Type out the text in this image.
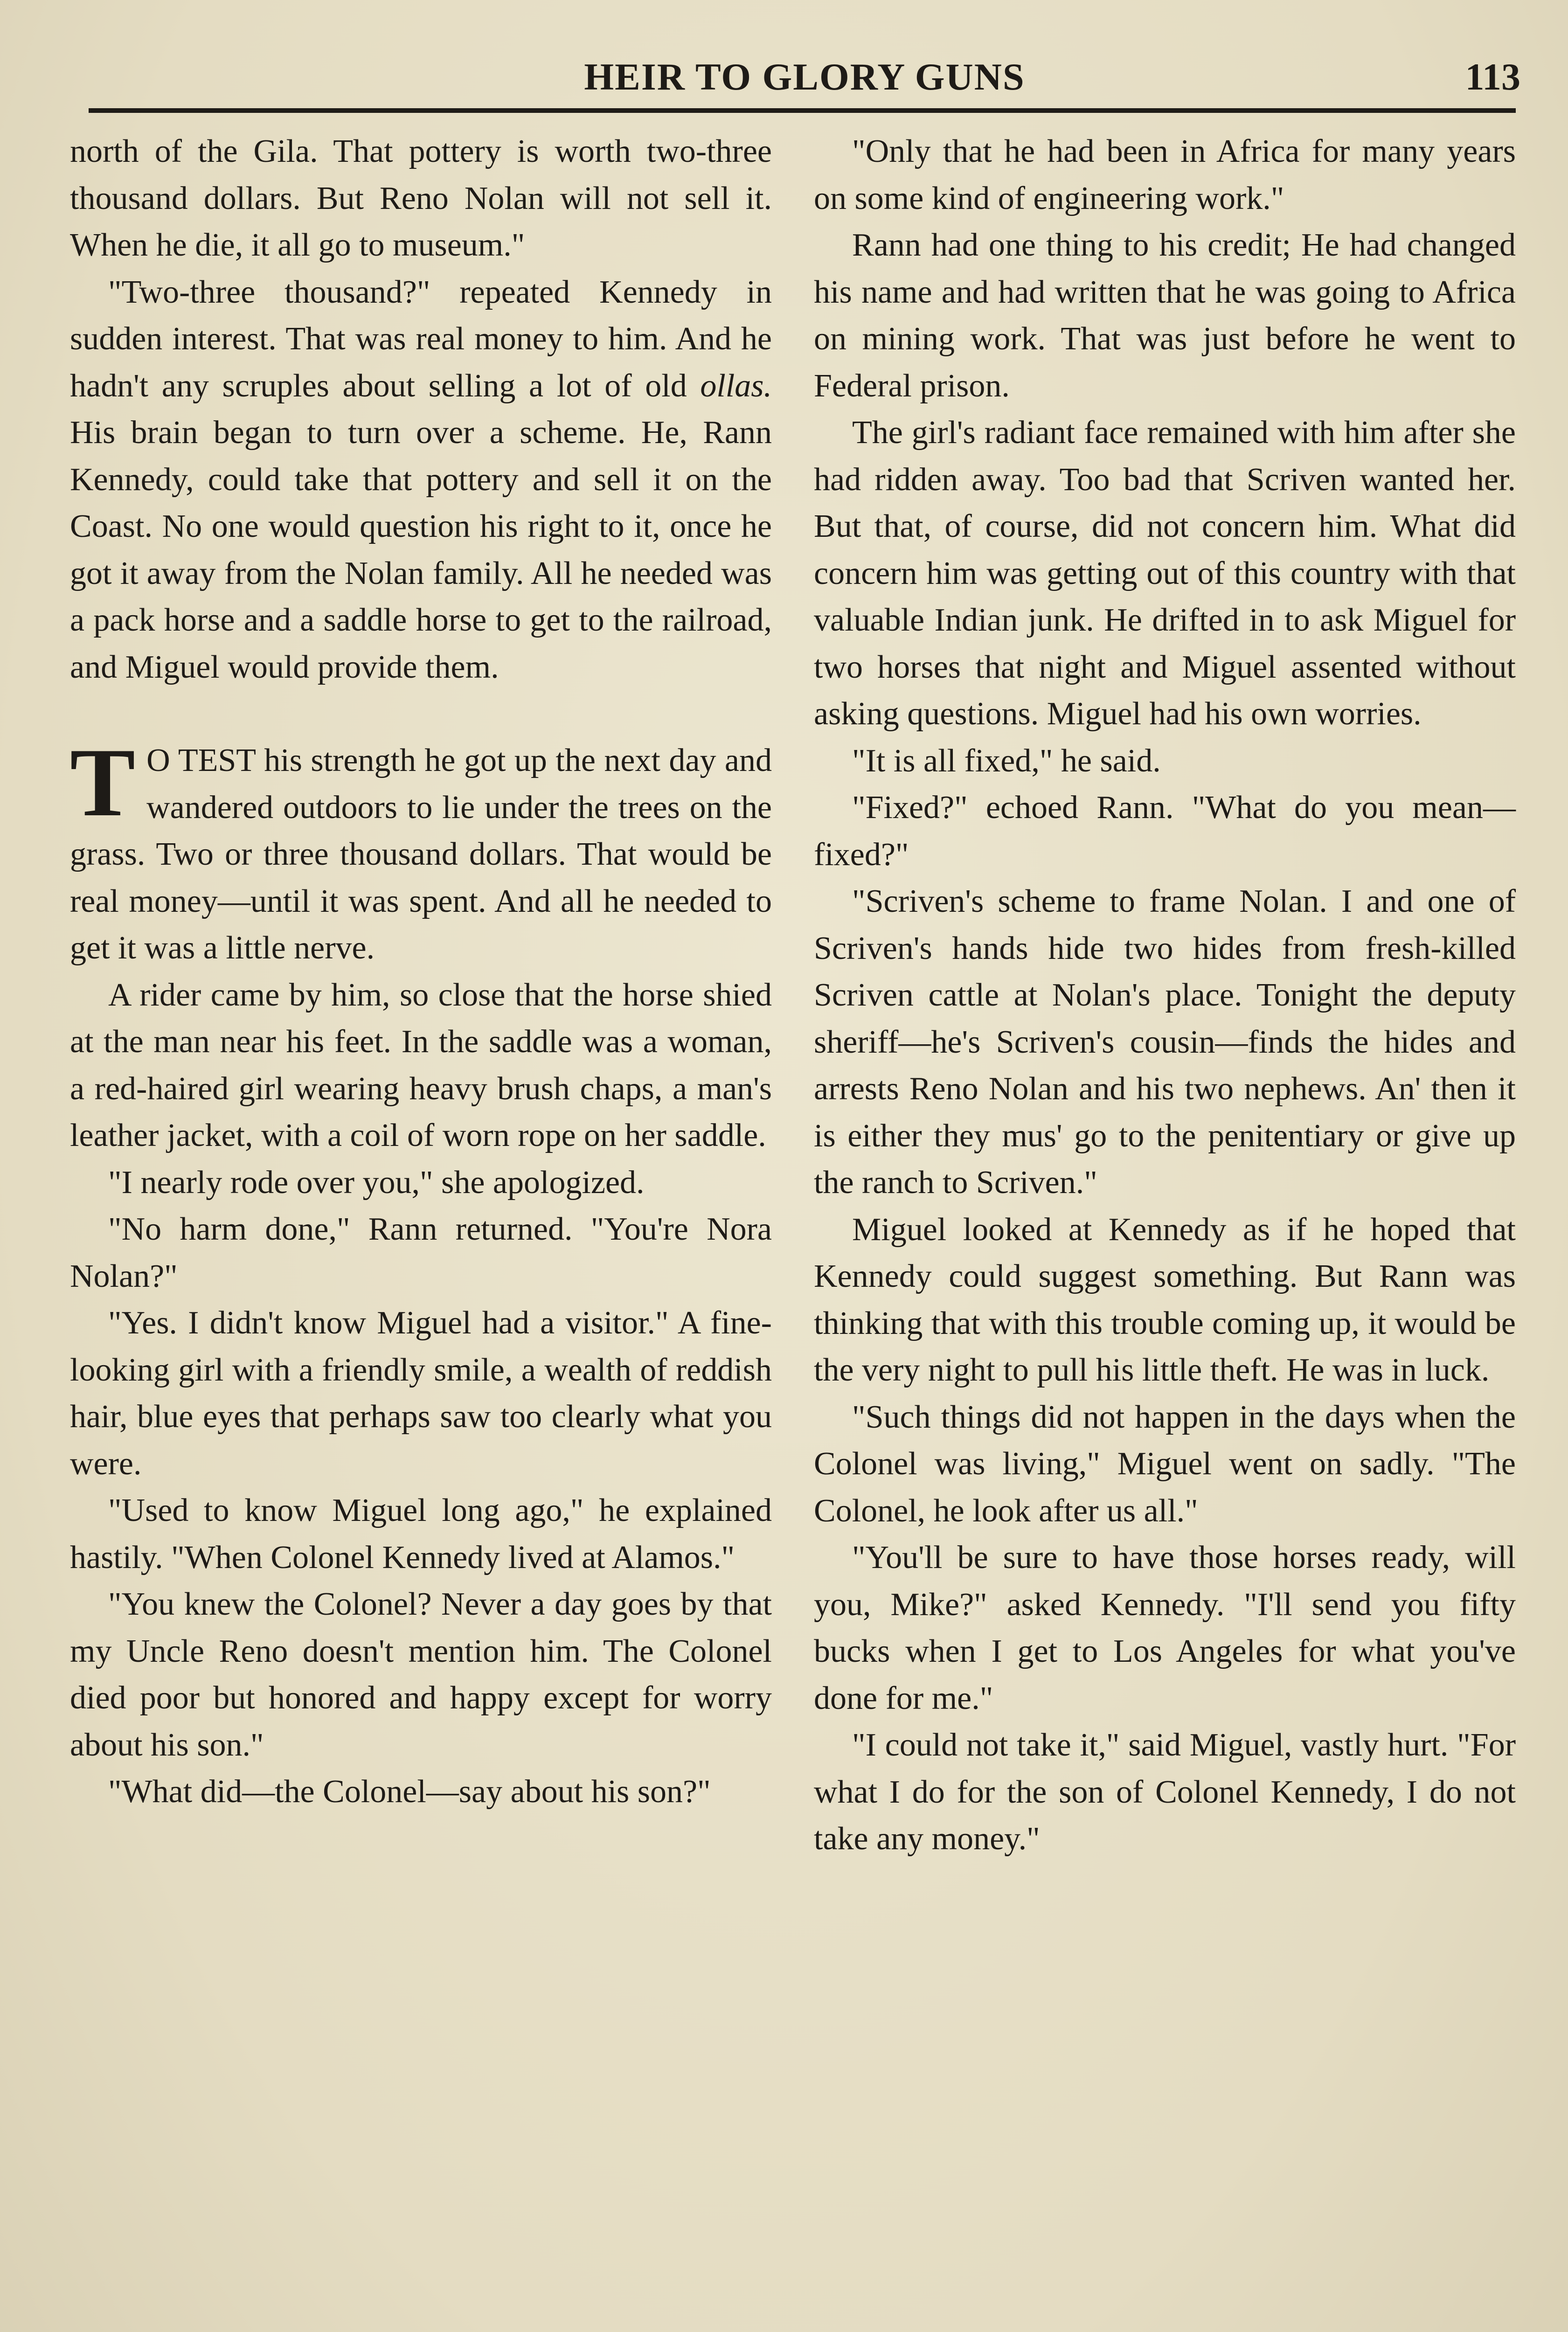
HEIR TO GLORY GUNS	113

north of the Gila. That pottery is worth two-three thousand dollars. But Reno Nolan will not sell it. When he die, it all go to museum."

"Two-three thousand?" repeated Kennedy in sudden interest. That was real money to him. And he hadn't any scruples about selling a lot of old ollas. His brain began to turn over a scheme. He, Rann Kennedy, could take that pottery and sell it on the Coast. No one would question his right to it, once he got it away from the Nolan family. All he needed was a pack horse and a saddle horse to get to the railroad, and Miguel would provide them.

T O TEST his strength he got up the next day and wandered outdoors to lie under the trees on the grass. Two or three thousand dollars. That would be real money—until it was spent. And all he needed to get it was a little nerve.

A rider came by him, so close that the horse shied at the man near his feet. In the saddle was a woman, a red-haired girl wearing heavy brush chaps, a man's leather jacket, with a coil of worn rope on her saddle.

"I nearly rode over you," she apologized.

"No harm done," Rann returned. "You're Nora Nolan?"

"Yes. I didn't know Miguel had a visitor." A fine-looking girl with a friendly smile, a wealth of reddish hair, blue eyes that perhaps saw too clearly what you were.

"Used to know Miguel long ago," he explained hastily. "When Colonel Kennedy lived at Alamos."

"You knew the Colonel? Never a day goes by that my Uncle Reno doesn't mention him. The Colonel died poor but honored and happy except for worry about his son."

"What did—the Colonel—say about his son?"

"Only that he had been in Africa for many years on some kind of engineering work."

Rann had one thing to his credit; He had changed his name and had written that he was going to Africa on mining work. That was just before he went to Federal prison.

The girl's radiant face remained with him after she had ridden away. Too bad that Scriven wanted her. But that, of course, did not concern him. What did concern him was getting out of this country with that valuable Indian junk. He drifted in to ask Miguel for two horses that night and Miguel assented without asking questions. Miguel had his own worries.

"It is all fixed," he said.

"Fixed?" echoed Rann. "What do you mean—fixed?"

"Scriven's scheme to frame Nolan. I and one of Scriven's hands hide two hides from fresh-killed Scriven cattle at Nolan's place. Tonight the deputy sheriff—he's Scriven's cousin—finds the hides and arrests Reno Nolan and his two nephews. An' then it is either they mus' go to the penitentiary or give up the ranch to Scriven."

Miguel looked at Kennedy as if he hoped that Kennedy could suggest something. But Rann was thinking that with this trouble coming up, it would be the very night to pull his little theft. He was in luck.

"Such things did not happen in the days when the Colonel was living," Miguel went on sadly. "The Colonel, he look after us all."

"You'll be sure to have those horses ready, will you, Mike?" asked Kennedy. "I'll send you fifty bucks when I get to Los Angeles for what you've done for me."

"I could not take it," said Miguel, vastly hurt. "For what I do for the son of Colonel Kennedy, I do not take any money."
